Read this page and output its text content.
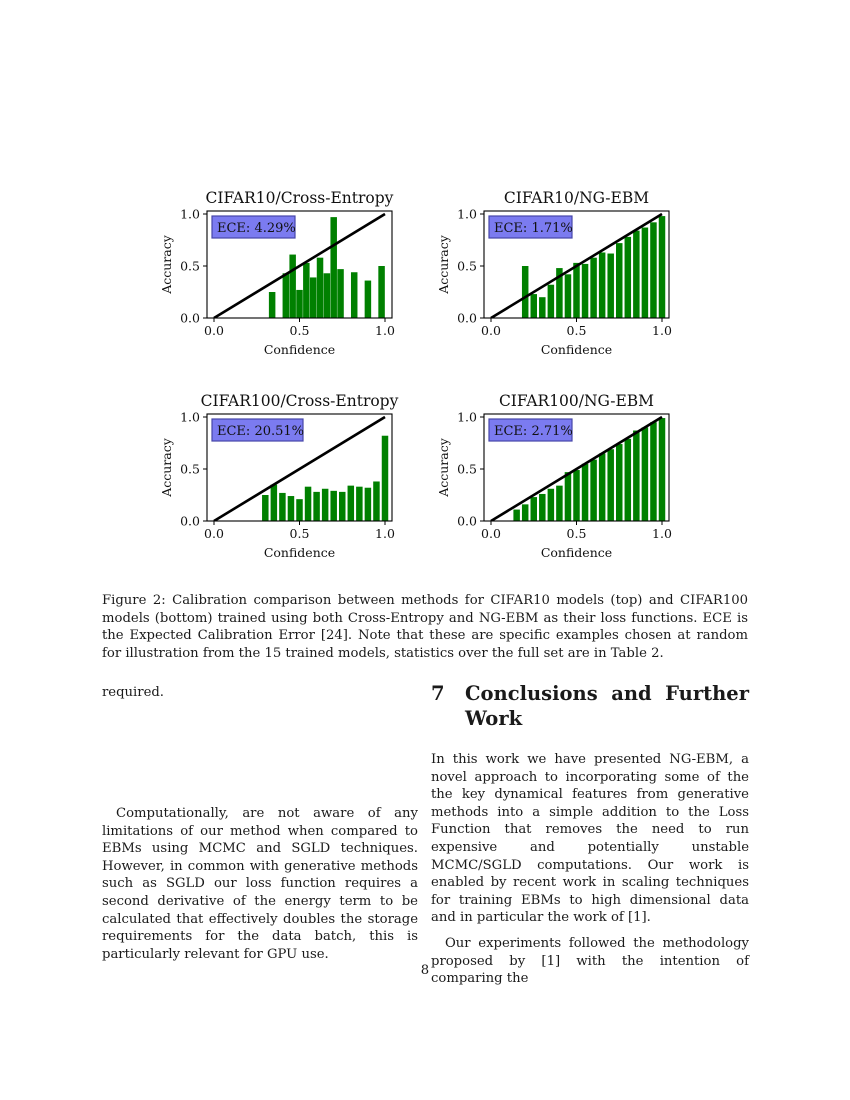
CIFAR10/Cross-Entropy
0.0	0.5	1.0
0.0
0.5
1.0
Confidence
Accuracy
ECE: 4.29%
CIFAR10/NG-EBM
0.0	0.5	1.0
0.0
0.5
1.0
Confidence
Accuracy
ECE: 1.71%
CIFAR100/Cross-Entropy
0.0	0.5	1.0
0.0
0.5
1.0
Confidence
Accuracy
ECE: 20.51%
CIFAR100/NG-EBM
0.0	0.5	1.0
0.0
0.5
1.0
Confidence
Accuracy
ECE: 2.71%
Figure 2: Calibration comparison between methods for CIFAR10 models (top) and CIFAR100 models (bottom) trained using both Cross-Entropy and NG-EBM as their loss functions. ECE is the Expected Calibration Error [24]. Note that these are specific examples chosen at random for illustration from the 15 trained models, statistics over the full set are in Table 2.

required.

Computationally, are not aware of any limitations of our method when compared to EBMs using MCMC and SGLD techniques. However, in common with generative methods such as SGLD our loss function requires a second derivative of the energy term to be calculated that effectively doubles the storage requirements for the data batch, this is particularly relevant for GPU use.

7 Conclusions and Further Work

In this work we have presented NG-EBM, a novel approach to incorporating some of the the key dynamical features from generative methods into a simple addition to the Loss Function that removes the need to run expensive and potentially unstable MCMC/SGLD computations. Our work is enabled by recent work in scaling techniques for training EBMs to high dimensional data and in particular the work of [1].

Our experiments followed the methodology proposed by [1] with the intention of comparing the

8
